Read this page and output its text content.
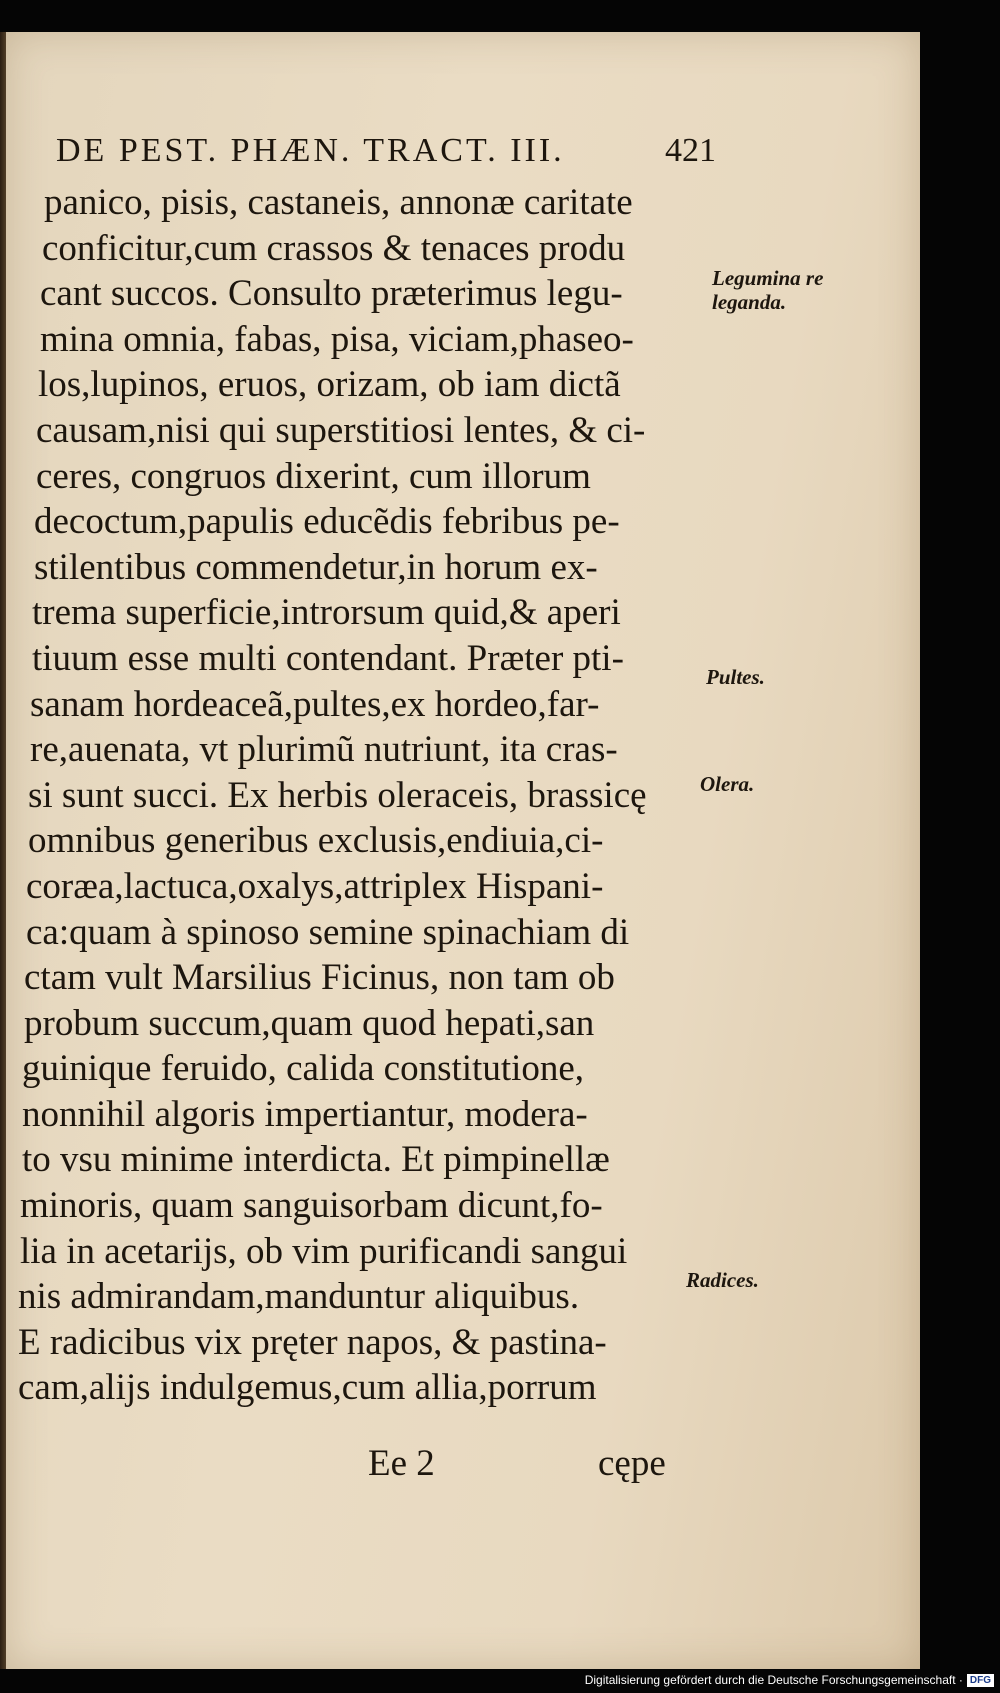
DE PEST. PHÆN. TRACT. III.	421
panico, pisis, castaneis, annonæ caritate
conficitur,cum crassos & tenaces produ
cant succos. Consulto præterimus legu-
mina omnia, fabas, pisa, viciam,phaseo-
los,lupinos, eruos, orizam, ob iam dictã
causam,nisi qui superstitiosi lentes, & ci-
ceres, congruos dixerint, cum illorum
decoctum,papulis educẽdis febribus pe-
stilentibus commendetur,in horum ex-
trema superficie,introrsum quid,& aperi
tiuum esse multi contendant. Præter pti-
sanam hordeaceã,pultes,ex hordeo,far-
re,auenata, vt plurimũ nutriunt, ita cras-
si sunt succi. Ex herbis oleraceis, brassicę
omnibus generibus exclusis,endiuia,ci-
coræa,lactuca,oxalys,attriplex Hispani-
ca:quam à spinoso semine spinachiam di
ctam vult Marsilius Ficinus, non tam ob
probum succum,quam quod hepati,san
guinique feruido, calida constitutione,
nonnihil algoris impertiantur, modera-
to vsu minime interdicta. Et pimpinellæ
minoris, quam sanguisorbam dicunt,fo-
lia in acetarijs, ob vim purificandi sangui
nis admirandam,manduntur aliquibus.
E radicibus vix pręter napos, & pastina-
cam,alijs indulgemus,cum allia,porrum
Legumina re leganda.
Pultes.
Olera.
Radices.
Ee 2	cępe
Digitalisierung gefördert durch die Deutsche Forschungsgemeinschaft · DFG
